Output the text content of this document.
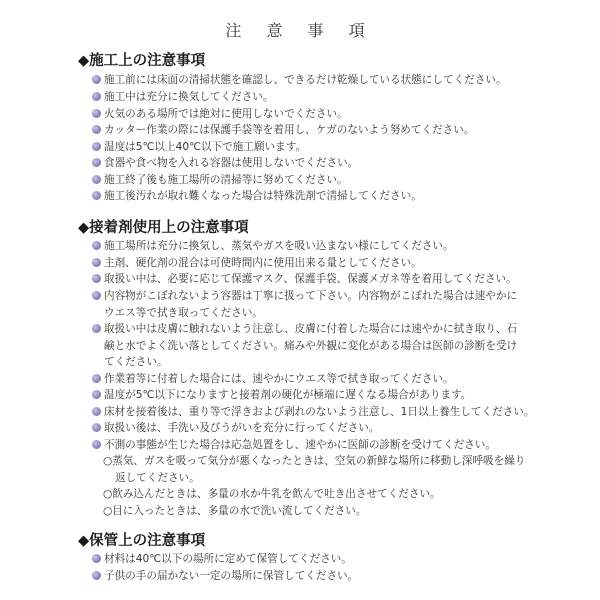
注 意 事 項
◆施工上の注意事項
施工前には床面の清掃状態を確認し、できるだけ乾燥している状態にしてください。
施工中は充分に換気してください。
火気のある場所では絶対に使用しないでください。
カッター作業の際には保護手袋等を着用し、ケガのないよう努めてください。
温度は5℃以上40℃以下で施工願います。
食器や食べ物を入れる容器は使用しないでください。
施工終了後も施工場所の清掃等に努めてください。
施工後汚れが取れ難くなった場合は特殊洗剤で清掃してください。
◆接着剤使用上の注意事項
施工場所は充分に換気し、蒸気やガスを吸い込まない様にしてください。
主剤、硬化剤の混合は可使時間内に使用出来る量としてください。
取扱い中は、必要に応じて保護マスク、保護手袋、保護メガネ等を着用してください。
内容物がこぼれないよう容器は丁寧に扱って下さい。内容物がこぼれた場合は速やかに
ウエス等で拭き取ってください。
取扱い中は皮膚に触れないよう注意し、皮膚に付着した場合には速やかに拭き取り、石
鹸と水でよく洗い落としてください。痛みや外観に変化がある場合は医師の診断を受け
てください。
作業着等に付着した場合には、速やかにウエス等で拭き取ってください。
温度が5℃以下になりますと接着剤の硬化が極端に遅くなる場合があります。
床材を接着後は、重り等で浮きおよび剥れのないよう注意し、1日以上養生してください。
取扱い後は、手洗い及びうがいを充分に行ってください。
不測の事態が生じた場合は応急処置をし、速やかに医師の診断を受けてください。
○蒸気、ガスを吸って気分が悪くなったときは、空気の新鮮な場所に移動し深呼吸を繰り
返してください。
○飲み込んだときは、多量の水か牛乳を飲んで吐き出させてください。
○目に入ったときは、多量の水で洗い流してください。
◆保管上の注意事項
材料は40℃以下の場所に定めて保管してください。
子供の手の届かない一定の場所に保管してください。
